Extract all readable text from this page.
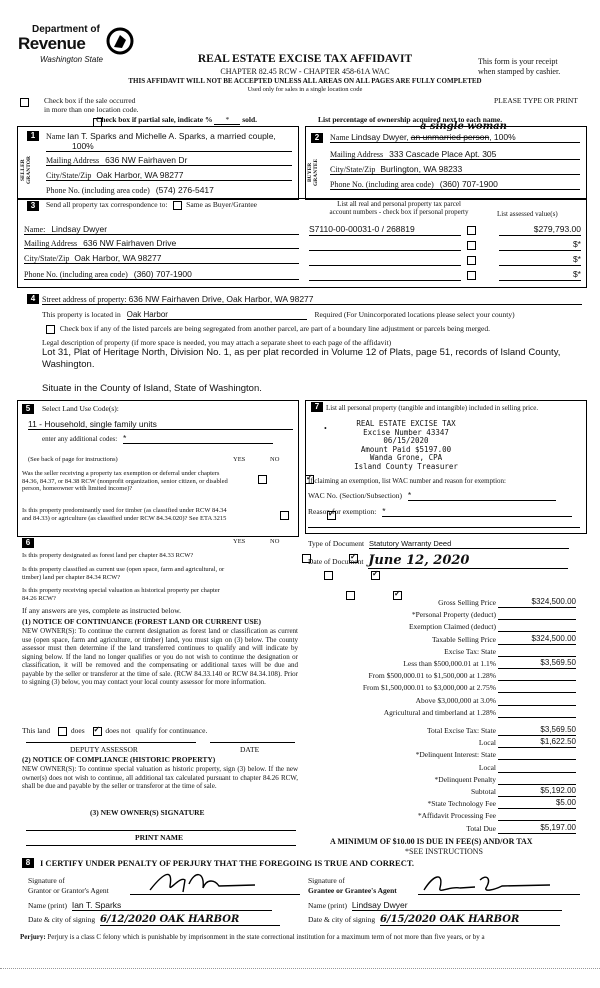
Department of
Revenue
Washington State	REAL ESTATE EXCISE TAX AFFIDAVIT
CHAPTER 82.45 RCW - CHAPTER 458-61A WAC
THIS AFFIDAVIT WILL NOT BE ACCEPTED UNLESS ALL AREAS ON ALL PAGES ARE FULLY COMPLETED
Used only for sales in a single location code
This form is your receipt
when stamped by cashier.

Check box if the sale occurred
in more than one location code.
PLEASE TYPE OR PRINT

Check box if partial sale, indicate % * sold.	List percentage of ownership acquired next to each name.
1
SELLER GRANTOR
Name Ian T. Sparks and Michelle A. Sparks, a married couple,
100%
Mailing Address 636 NW Fairhaven Dr
City/State/Zip Oak Harbor, WA 98277
Phone No. (including area code) (574) 276-5417
2
BUYER GRANTEE
Name Lindsay Dwyer, an unmarried person, 100%
a single woman
Mailing Address 333 Cascade Place Apt. 305
City/State/Zip Burlington, WA 98233
Phone No. (including area code) (360) 707-1900
3	Send all property tax correspondence to:	Same as Buyer/Grantee
Name: Lindsay Dwyer
Mailing Address 636 NW Fairhaven Drive
City/State/Zip Oak Harbor, WA 98277
Phone No. (including area code) (360) 707-1900
List all real and personal property tax parcel
account numbers - check box if personal property	List assessed value(s)
S7110-00-00031-0 / 268819	$279,793.00
$*
$*
$*
4 Street address of property: 636 NW Fairhaven Drive, Oak Harbor, WA 98277
This property is located in Oak Harbor	Required (For Unincorporated locations please select your county)
Check box if any of the listed parcels are being segregated from another parcel, are part of a boundary line adjustment or parcels being merged.
Legal description of property (if more space is needed, you may attach a separate sheet to each page of the affidavit)
Lot 31, Plat of Heritage North, Division No. 1, as per plat recorded in Volume 12 of Plats, page 51, records of Island County, Washington.
Situate in the County of Island, State of Washington.
5	Select Land Use Code(s):
11 - Household, single family units
enter any additional codes: *
(See back of page for instructions)	YES	NO
Was the seller receiving a property tax exemption or deferral under chapters 84.36, 84.37, or 84.38 RCW (nonprofit organization, senior citizen, or disabled person, homeowner with limited income)?
✓
Is this property predominantly used for timber (as classified under RCW 84.34 and 84.33) or agriculture (as classified under RCW 84.34.020)? See ETA 3215
✓
6	YES	NO
Is this property designated as forest land per chapter 84.33 RCW?
✓
Is this property classified as current use (open space, farm and agricultural, or timber) land per chapter 84.34 RCW?
✓
Is this property receiving special valuation as historical property per chapter 84.26 RCW?
✓
If any answers are yes, complete as instructed below.
(1) NOTICE OF CONTINUANCE (FOREST LAND OR CURRENT USE)
NEW OWNER(S): To continue the current designation as forest land or classification as current use (open space, farm and agriculture, or timber) land, you must sign on (3) below. The county assessor must then determine if the land transferred continues to qualify and will indicate by signing below. If the land no longer qualifies or you do not wish to continue the designation or classification, it will be removed and the compensating or additional taxes will be due and payable by the seller or transferor at the time of sale. (RCW 84.33.140 or RCW 84.34.108). Prior to signing (3) below, you may contact your local county assessor for more information.
This land	does ✓	does not qualify for continuance.
DEPUTY ASSESSOR	DATE
(2) NOTICE OF COMPLIANCE (HISTORIC PROPERTY)
NEW OWNER(S): To continue special valuation as historic property, sign (3) below. If the new owner(s) does not wish to continue, all additional tax calculated pursuant to chapter 84.26 RCW, shall be due and payable by the seller or transferor at the time of sale.
(3) NEW OWNER(S) SIGNATURE
PRINT NAME
7 List all personal property (tangible and intangible) included in selling price.
REAL ESTATE EXCISE TAX
Excise Number 43347
06/15/2020
Amount Paid $5197.00
Wanda Grone, CPA
Island County Treasurer
•
If claiming an exemption, list WAC number and reason for exemption:
WAC No. (Section/Subsection) *
Reason for exemption: *
Type of Document Statutory Warranty Deed
Date of Document June 12, 2020
Gross Selling Price	$324,500.00
*Personal Property (deduct)
Exemption Claimed (deduct)
Taxable Selling Price	$324,500.00
Excise Tax: State
Less than $500,000.01 at 1.1%	$3,569.50
From $500,000.01 to $1,500,000 at 1.28%
From $1,500,000.01 to $3,000,000 at 2.75%
Above $3,000,000 at 3.0%
Agricultural and timberland at 1.28%
Total Excise Tax: State	$3,569.50
Local	$1,622.50
*Delinquent Interest: State
Local
*Delinquent Penalty
Subtotal	$5,192.00
*State Technology Fee	$5.00
*Affidavit Processing Fee
Total Due	$5,197.00
A MINIMUM OF $10.00 IS DUE IN FEE(S) AND/OR TAX
*SEE INSTRUCTIONS
8	I CERTIFY UNDER PENALTY OF PERJURY THAT THE FOREGOING IS TRUE AND CORRECT.
Signature of
Grantor or Grantor's Agent
Name (print) Ian T. Sparks
Date & city of signing 6/12/2020 OAK HARBOR
Signature of
Grantee or Grantee's Agent
Name (print) Lindsay Dwyer
Date & city of signing 6/15/2020 OAK HARBOR
Perjury: Perjury is a class C felony which is punishable by imprisonment in the state correctional institution for a maximum term of not more than five years, or by a
